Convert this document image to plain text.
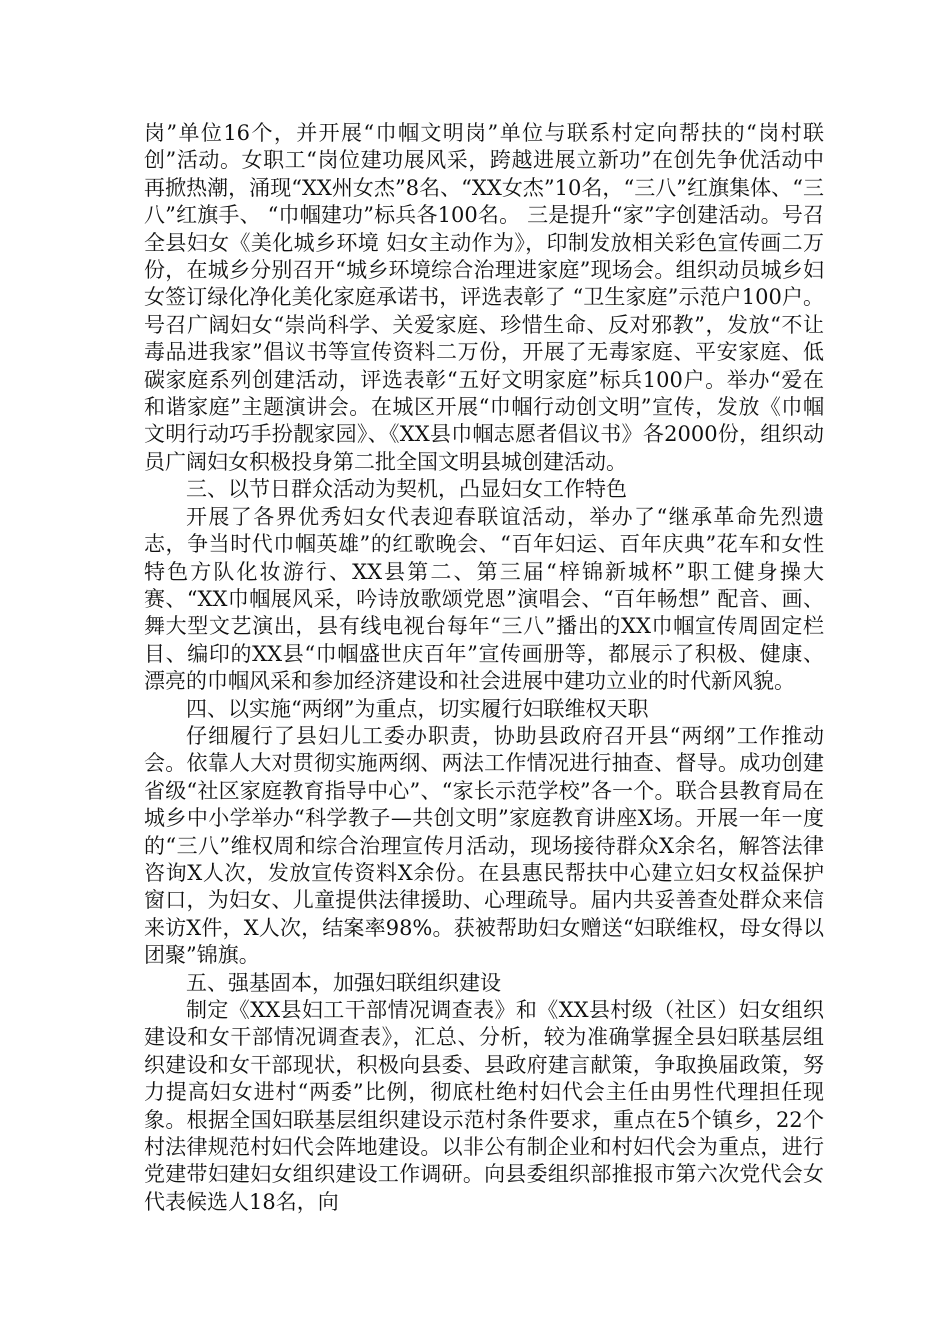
岗”单位16个，并开展“巾帼文明岗”单位与联系村定向帮扶的“岗村联创”活动。女职工“岗位建功展风采，跨越进展立新功”在创先争优活动中再掀热潮，涌现“XX州女杰”8名、“XX女杰”10名，“三八”红旗集体、“三八”红旗手、 “巾帼建功”标兵各100名。 三是提升“家”字创建活动。号召全县妇女《美化城乡环境 妇女主动作为》，印制发放相关彩色宣传画二万份，在城乡分别召开“城乡环境综合治理进家庭”现场会。组织动员城乡妇女签订绿化净化美化家庭承诺书，评选表彰了 “卫生家庭”示范户100户。号召广阔妇女“崇尚科学、关爱家庭、珍惜生命、反对邪教”，发放“不让毒品进我家”倡议书等宣传资料二万份，开展了无毒家庭、平安家庭、低碳家庭系列创建活动，评选表彰“五好文明家庭”标兵100户。举办“爱在和谐家庭”主题演讲会。在城区开展“巾帼行动创文明”宣传，发放《巾帼文明行动巧手扮靓家园》、《XX县巾帼志愿者倡议书》各2000份，组织动员广阔妇女积极投身第二批全国文明县城创建活动。

三、以节日群众活动为契机，凸显妇女工作特色

开展了各界优秀妇女代表迎春联谊活动，举办了“继承革命先烈遗志，争当时代巾帼英雄”的红歌晚会、“百年妇运、百年庆典”花车和女性特色方队化妆游行、XX县第二、第三届“梓锦新城杯”职工健身操大赛、“XX巾帼展风采，吟诗放歌颂党恩”演唱会、“百年畅想” 配音、画、舞大型文艺演出，县有线电视台每年“三八”播出的XX巾帼宣传周固定栏目、编印的XX县“巾帼盛世庆百年”宣传画册等，都展示了积极、健康、漂亮的巾帼风采和参加经济建设和社会进展中建功立业的时代新风貌。

四、以实施“两纲”为重点，切实履行妇联维权天职

仔细履行了县妇儿工委办职责，协助县政府召开县“两纲”工作推动会。依靠人大对贯彻实施两纲、两法工作情况进行抽查、督导。成功创建省级“社区家庭教育指导中心”、“家长示范学校”各一个。联合县教育局在城乡中小学举办“科学教子—共创文明”家庭教育讲座X场。开展一年一度的“三八”维权周和综合治理宣传月活动，现场接待群众X余名，解答法律咨询X人次，发放宣传资料X余份。在县惠民帮扶中心建立妇女权益保护窗口，为妇女、儿童提供法律援助、心理疏导。届内共妥善查处群众来信来访X件，X人次，结案率98%。获被帮助妇女赠送“妇联维权，母女得以团聚”锦旗。

五、强基固本，加强妇联组织建设

制定《XX县妇工干部情况调查表》和《XX县村级（社区）妇女组织建设和女干部情况调查表》，汇总、分析，较为准确掌握全县妇联基层组织建设和女干部现状，积极向县委、县政府建言献策，争取换届政策，努力提高妇女进村“两委”比例，彻底杜绝村妇代会主任由男性代理担任现象。根据全国妇联基层组织建设示范村条件要求，重点在5个镇乡，22个村法律规范村妇代会阵地建设。以非公有制企业和村妇代会为重点，进行党建带妇建妇女组织建设工作调研。向县委组织部推报市第六次党代会女代表候选人18名，向
